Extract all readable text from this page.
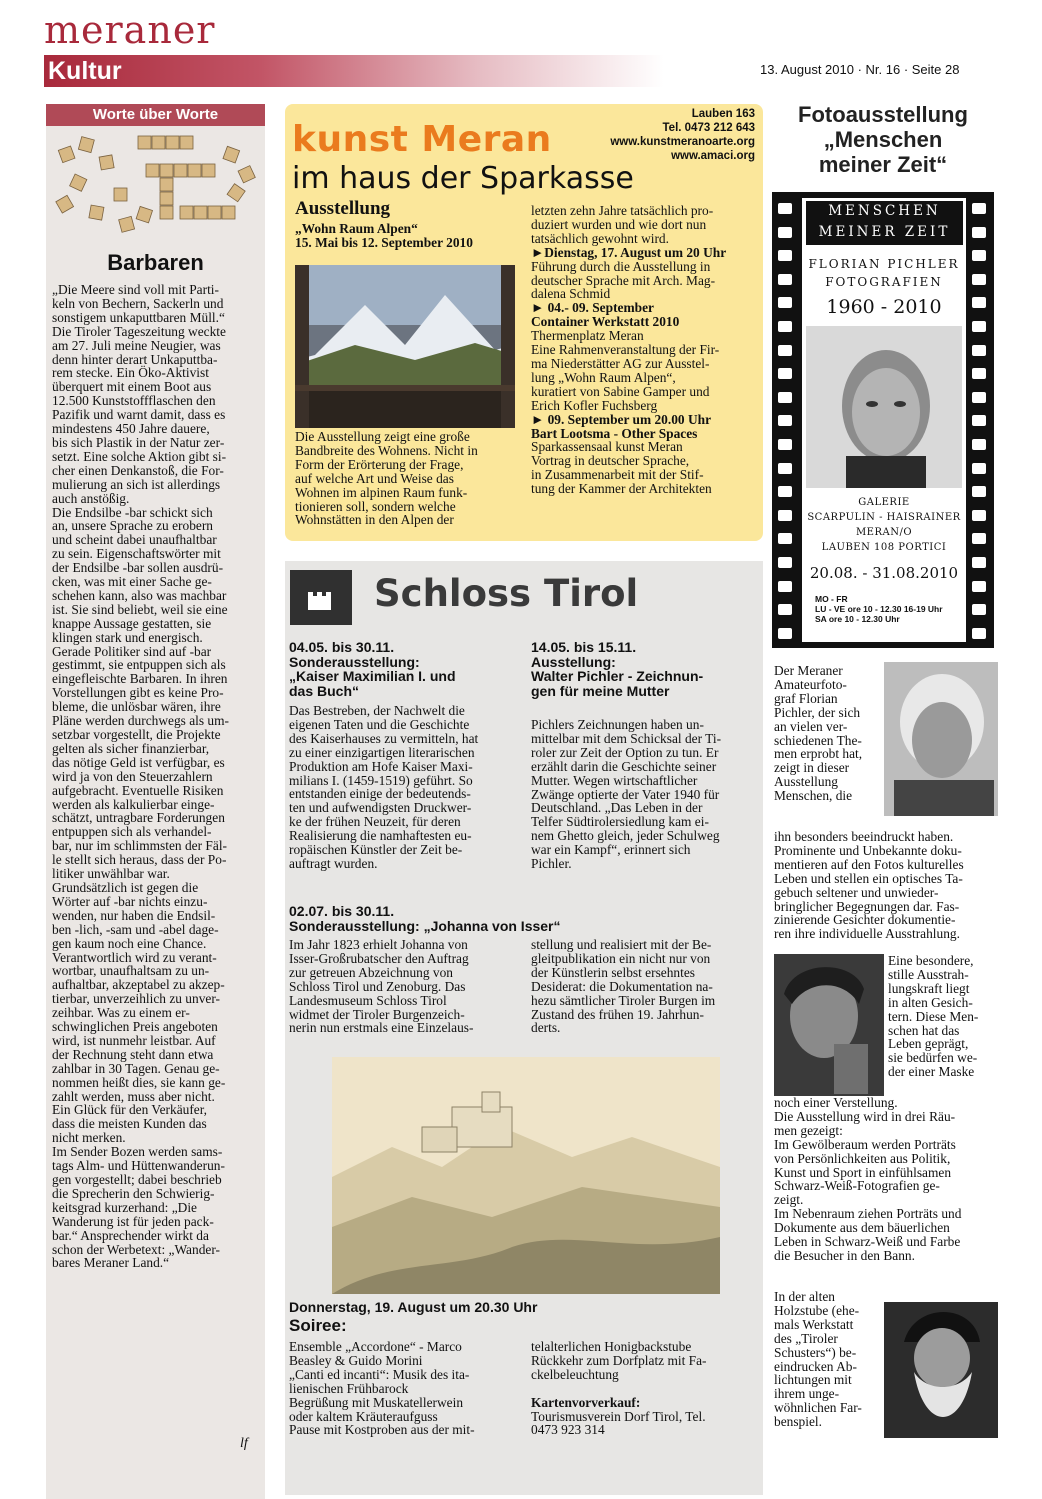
meraner
Kultur	13. August 2010 · Nr. 16 · Seite 28
Worte über Worte
Barbaren
„Die Meere sind voll mit Parti-
keln von Bechern, Sackerln und
sonstigem unkaputtbaren Müll.“
Die Tiroler Tageszeitung weckte
am 27. Juli meine Neugier, was
denn hinter derart Unkaputtba-
rem stecke. Ein Öko-Aktivist
überquert mit einem Boot aus
12.500 Kunststoffflaschen den
Pazifik und warnt damit, dass es
mindestens 450 Jahre dauere,
bis sich Plastik in der Natur zer-
setzt. Eine solche Aktion gibt si-
cher einen Denkanstoß, die For-
mulierung an sich ist allerdings
auch anstößig.
Die Endsilbe -bar schickt sich
an, unsere Sprache zu erobern
und scheint dabei unaufhaltbar
zu sein. Eigenschaftswörter mit
der Endsilbe -bar sollen ausdrü-
cken, was mit einer Sache ge-
schehen kann, also was machbar
ist. Sie sind beliebt, weil sie eine
knappe Aussage gestatten, sie
klingen stark und energisch.
Gerade Politiker sind auf -bar
gestimmt, sie entpuppen sich als
eingefleischte Barbaren. In ihren
Vorstellungen gibt es keine Pro-
bleme, die unlösbar wären, ihre
Pläne werden durchwegs als um-
setzbar vorgestellt, die Projekte
gelten als sicher finanzierbar,
das nötige Geld ist verfügbar, es
wird ja von den Steuerzahlern
aufgebracht. Eventuelle Risiken
werden als kalkulierbar einge-
schätzt, untragbare Forderungen
entpuppen sich als verhandel-
bar, nur im schlimmsten der Fäl-
le stellt sich heraus, dass der Po-
litiker unwählbar war.
Grundsätzlich ist gegen die
Wörter auf -bar nichts einzu-
wenden, nur haben die Endsil-
ben -lich, -sam und -abel dage-
gen kaum noch eine Chance.
Verantwortlich wird zu verant-
wortbar, unaufhaltsam zu un-
aufhaltbar, akzeptabel zu akzep-
tierbar, unverzeihlich zu unver-
zeihbar. Was zu einem er-
schwinglichen Preis angeboten
wird, ist nunmehr leistbar. Auf
der Rechnung steht dann etwa
zahlbar in 30 Tagen. Genau ge-
nommen heißt dies, sie kann ge-
zahlt werden, muss aber nicht.
Ein Glück für den Verkäufer,
dass die meisten Kunden das
nicht merken.
Im Sender Bozen werden sams-
tags Alm- und Hüttenwanderun-
gen vorgestellt; dabei beschrieb
die Sprecherin den Schwierig-
keitsgrad kurzerhand: „Die
Wanderung ist für jeden pack-
bar.“ Ansprechender wirkt da
schon der Werbetext: „Wander-
bares Meraner Land.“
lf
kunst Meran
im haus der Sparkasse
Lauben 163
Tel. 0473 212 643
www.kunstmeranoarte.org
www.amaci.org
Ausstellung
„Wohn Raum Alpen“
15. Mai bis 12. September 2010
Die Ausstellung zeigt eine große
Bandbreite des Wohnens. Nicht in
Form der Erörterung der Frage,
auf welche Art und Weise das
Wohnen im alpinen Raum funk-
tionieren soll, sondern welche
Wohnstätten in den Alpen der
letzten zehn Jahre tatsächlich pro-
duziert wurden und wie dort nun
tatsächlich gewohnt wird.
►Dienstag, 17. August um 20 Uhr
Führung durch die Ausstellung in
deutscher Sprache mit Arch. Mag-
dalena Schmid
► 04.- 09. September
Container Werkstatt 2010
Thermenplatz Meran
Eine Rahmenveranstaltung der Fir-
ma Niederstätter AG zur Ausstel-
lung „Wohn Raum Alpen“,
kuratiert von Sabine Gamper und
Erich Kofler Fuchsberg
► 09. September um 20.00 Uhr
Bart Lootsma - Other Spaces
Sparkassensaal kunst Meran
Vortrag in deutscher Sprache,
in Zusammenarbeit mit der Stif-
tung der Kammer der Architekten
Schloss Tirol
04.05. bis 30.11.
Sonderausstellung:
„Kaiser Maximilian I. und
das Buch“
Das Bestreben, der Nachwelt die
eigenen Taten und die Geschichte
des Kaiserhauses zu vermitteln, hat
zu einer einzigartigen literarischen
Produktion am Hofe Kaiser Maxi-
milians I. (1459-1519) geführt. So
entstanden einige der bedeutends-
ten und aufwendigsten Druckwer-
ke der frühen Neuzeit, für deren
Realisierung die namhaftesten eu-
ropäischen Künstler der Zeit be-
auftragt wurden.
14.05. bis 15.11.
Ausstellung:
Walter Pichler - Zeichnun-
gen für meine Mutter
Pichlers Zeichnungen haben un-
mittelbar mit dem Schicksal der Ti-
roler zur Zeit der Option zu tun. Er
erzählt darin die Geschichte seiner
Mutter. Wegen wirtschaftlicher
Zwänge optierte der Vater 1940 für
Deutschland. „Das Leben in der
Telfer Südtirolersiedlung kam ei-
nem Ghetto gleich, jeder Schulweg
war ein Kampf“, erinnert sich
Pichler.
02.07. bis 30.11.
Sonderausstellung: „Johanna von Isser“
Im Jahr 1823 erhielt Johanna von
Isser-Großrubatscher den Auftrag
zur getreuen Abzeichnung von
Schloss Tirol und Zenoburg. Das
Landesmuseum Schloss Tirol
widmet der Tiroler Burgenzeich-
nerin nun erstmals eine Einzelaus-
stellung und realisiert mit der Be-
gleitpublikation ein nicht nur von
der Künstlerin selbst ersehntes
Desiderat: die Dokumentation na-
hezu sämtlicher Tiroler Burgen im
Zustand des frühen 19. Jahrhun-
derts.
Donnerstag, 19. August um 20.30 Uhr
Soiree:
Ensemble „Accordone“ - Marco
Beasley & Guido Morini
„Canti ed incanti“: Musik des ita-
lienischen Frühbarock
Begrüßung mit Muskatellerwein
oder kaltem Kräuteraufguss
Pause mit Kostproben aus der mit-
telalterlichen Honigbackstube
Rückkehr zum Dorfplatz mit Fa-
ckelbeleuchtung

Kartenvorverkauf:
Tourismusverein Dorf Tirol, Tel.
0473 923 314
Fotoausstellung
„Menschen
meiner Zeit“
MENSCHEN
MEINER ZEIT
FLORIAN PICHLER
FOTOGRAFIEN
1960 - 2010
GALERIE
SCARPULIN - HAISRAINER
MERAN/O
LAUBEN 108 PORTICI
20.08. - 31.08.2010
MO - FR
LU - VE ore 10 - 12.30 16-19 Uhr
SA ore 10 - 12.30 Uhr
Der Meraner
Amateurfoto-
graf Florian
Pichler, der sich
an vielen ver-
schiedenen The-
men erprobt hat,
zeigt in dieser
Ausstellung
Menschen, die
ihn besonders beeindruckt haben.
Prominente und Unbekannte doku-
mentieren auf den Fotos kulturelles
Leben und stellen ein optisches Ta-
gebuch seltener und unwieder-
bringlicher Begegnungen dar. Fas-
zinierende Gesichter dokumentie-
ren ihre individuelle Ausstrahlung.
Eine besondere,
stille Ausstrah-
lungskraft liegt
in alten Gesich-
tern. Diese Men-
schen hat das
Leben geprägt,
sie bedürfen we-
der einer Maske
noch einer Verstellung.
Die Ausstellung wird in drei Räu-
men gezeigt:
Im Gewölberaum werden Porträts
von Persönlichkeiten aus Politik,
Kunst und Sport in einfühlsamen
Schwarz-Weiß-Fotografien ge-
zeigt.
Im Nebenraum ziehen Porträts und
Dokumente aus dem bäuerlichen
Leben in Schwarz-Weiß und Farbe
die Besucher in den Bann.
In der alten
Holzstube (ehe-
mals Werkstatt
des „Tiroler
Schusters“) be-
eindrucken Ab-
lichtungen mit
ihrem unge-
wöhnlichen Far-
benspiel.
